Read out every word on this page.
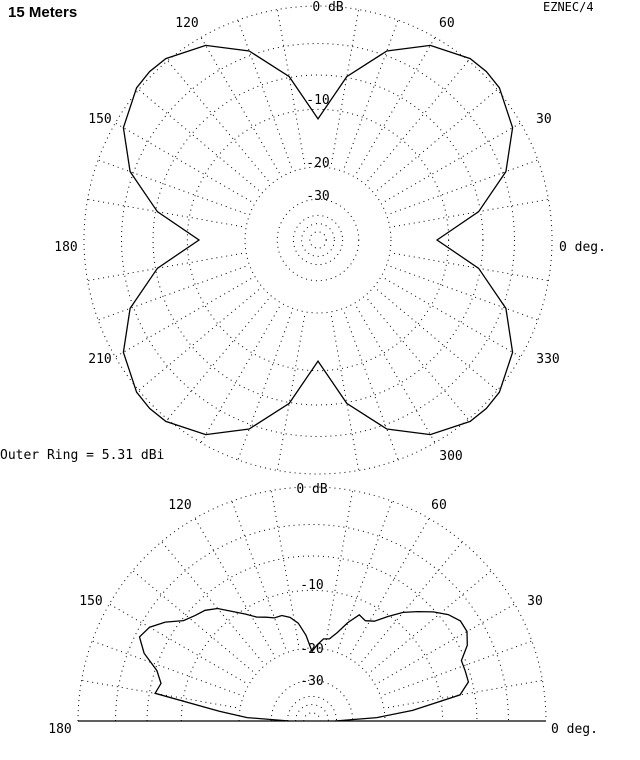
15 Meters	EZNEC/4
Outer Ring = 5.31 dBi
0 deg.
30
60
0 dB
120
150
180
210
300
330
-10
-20
-30
0 deg.
30
60
0 dB
120
150
180
-10
-20
-30
